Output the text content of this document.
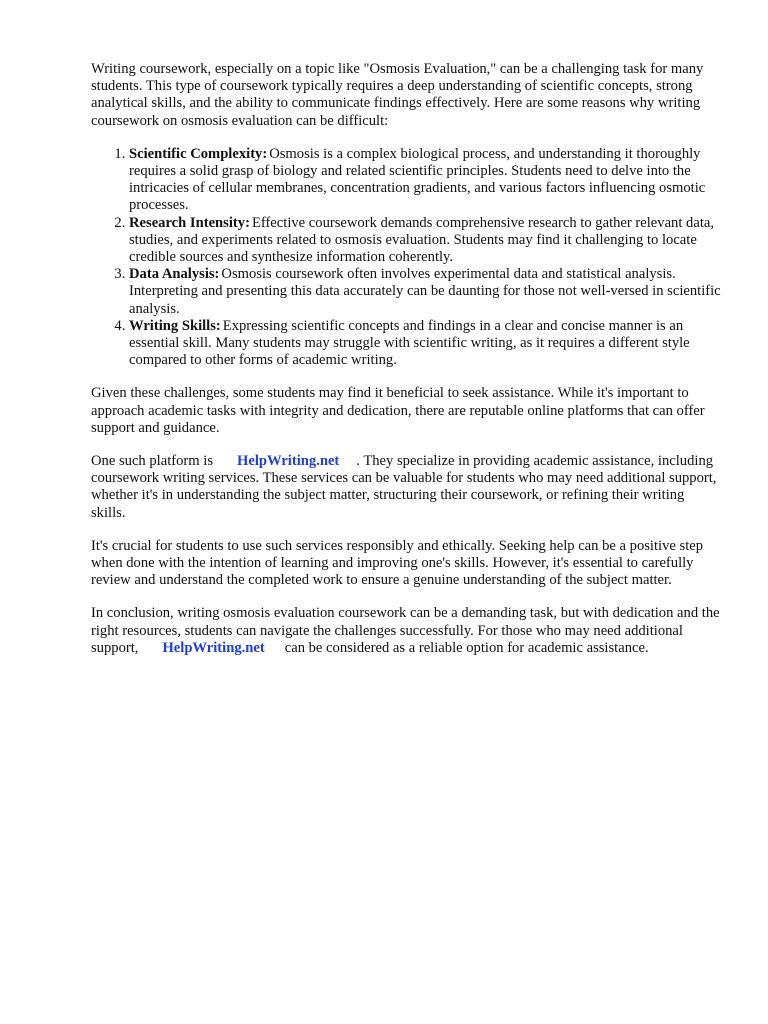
Writing coursework, especially on a topic like "Osmosis Evaluation," can be a challenging task for many students. This type of coursework typically requires a deep understanding of scientific concepts, strong analytical skills, and the ability to communicate findings effectively. Here are some reasons why writing coursework on osmosis evaluation can be difficult:

1. Scientific Complexity: Osmosis is a complex biological process, and understanding it thoroughly requires a solid grasp of biology and related scientific principles. Students need to delve into the intricacies of cellular membranes, concentration gradients, and various factors influencing osmotic processes.
2. Research Intensity: Effective coursework demands comprehensive research to gather relevant data, studies, and experiments related to osmosis evaluation. Students may find it challenging to locate credible sources and synthesize information coherently.
3. Data Analysis: Osmosis coursework often involves experimental data and statistical analysis. Interpreting and presenting this data accurately can be daunting for those not well-versed in scientific analysis.
4. Writing Skills: Expressing scientific concepts and findings in a clear and concise manner is an essential skill. Many students may struggle with scientific writing, as it requires a different style compared to other forms of academic writing.

Given these challenges, some students may find it beneficial to seek assistance. While it's important to approach academic tasks with integrity and dedication, there are reputable online platforms that can offer support and guidance.

One such platform is HelpWriting.net . They specialize in providing academic assistance, including coursework writing services. These services can be valuable for students who may need additional support, whether it's in understanding the subject matter, structuring their coursework, or refining their writing skills.

It's crucial for students to use such services responsibly and ethically. Seeking help can be a positive step when done with the intention of learning and improving one's skills. However, it's essential to carefully review and understand the completed work to ensure a genuine understanding of the subject matter.

In conclusion, writing osmosis evaluation coursework can be a demanding task, but with dedication and the right resources, students can navigate the challenges successfully. For those who may need additional support, HelpWriting.net can be considered as a reliable option for academic assistance.
